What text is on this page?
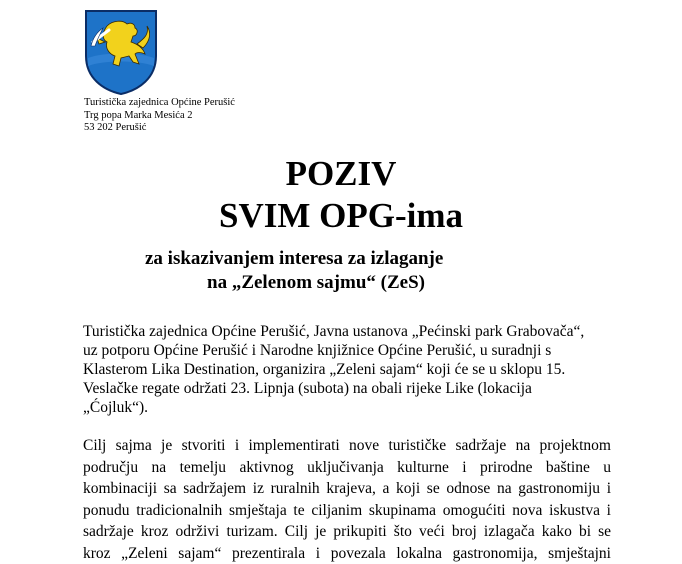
Turistička zajednica Općine Perušić
Trg popa Marka Mesića 2
53 202 Perušić
POZIV
SVIM OPG-ima
za iskazivanjem interesa za izlaganje
na „Zelenom sajmu“ (ZeS)
Turistička zajednica Općine Perušić, Javna ustanova „Pećinski park Grabovača“,
uz potporu Općine Perušić i Narodne knjižnice Općine Perušić, u suradnji s
Klasterom Lika Destination, organizira „Zeleni sajam“ koji će se u sklopu 15.
Veslačke regate održati 23. Lipnja (subota) na obali rijeke Like (lokacija
„Ćojluk“).
Cilj sajma je stvoriti i implementirati nove turističke sadržaje na projektnom
području na temelju aktivnog uključivanja kulturne i prirodne baštine u
kombinaciji sa sadržajem iz ruralnih krajeva, a koji se odnose na gastronomiju i
ponudu tradicionalnih smještaja te ciljanim skupinama omogućiti nova iskustva i
sadržaje kroz održivi turizam. Cilj je prikupiti što veći broj izlagača kako bi se
kroz „Zeleni sajam“ prezentirala i povezala lokalna gastronomija, smještajni
